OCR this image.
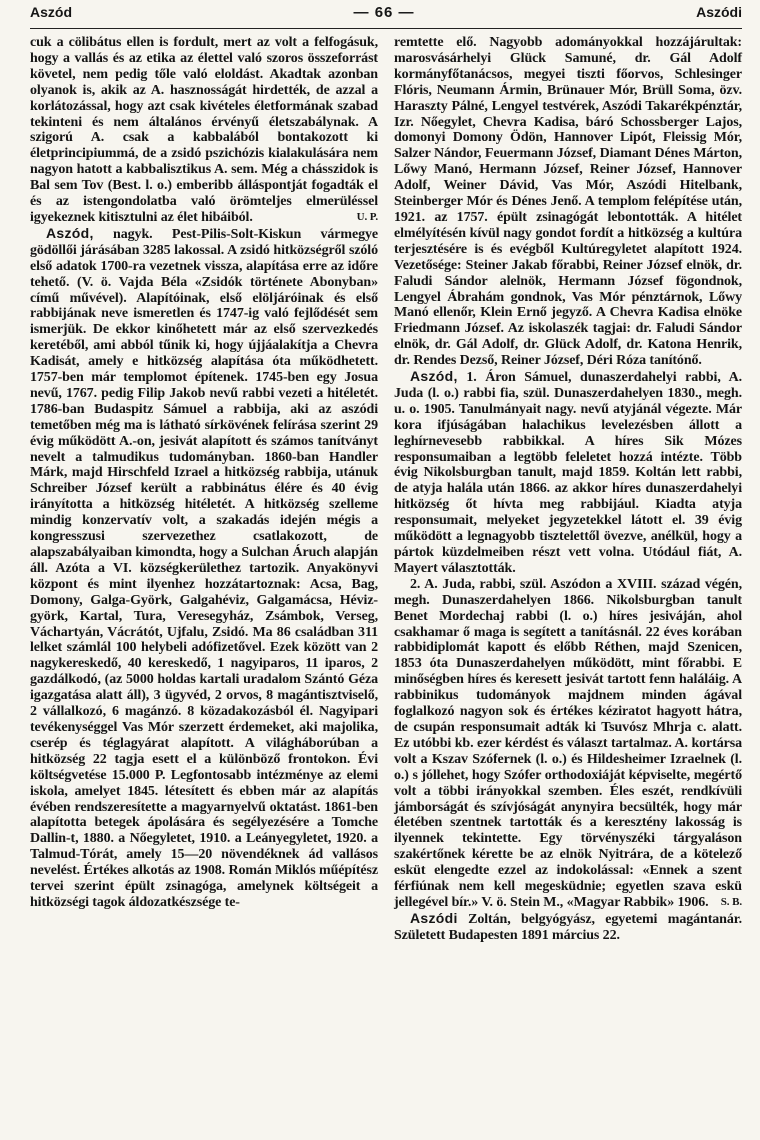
Aszód	— 66 —	Aszódi

cuk a cölibátus ellen is fordult, mert az volt a felfogásuk, hogy a vallás és az etika az élettel való szoros összeforrást követel, nem pedig tőle való eloldást. Akadtak azonban olyanok is, akik az A. hasznosságát hirdették, de azzal a korlátozással, hogy azt csak kivételes életformának szabad tekinteni és nem általános érvényű életszabálynak. A szigorú A. csak a kabbalából bontakozott ki életprincipiummá, de a zsidó pszichózis kialakulására nem nagyon hatott a kabbalisztikus A. sem. Még a chásszidok is Bal sem Tov (Best. l. o.) emberibb álláspontját fogadták el és az istengondolatba való örömteljes elmerüléssel igyekeznek kitisztulni az élet hibáiból.	U. P.

Aszód, nagyk. Pest-Pilis-Solt-Kiskun vármegye gödöllői járásában 3285 lakossal. A zsidó hitközségről szóló első adatok 1700-ra vezetnek vissza, alapítása erre az időre tehető. (V. ö. Vajda Béla «Zsidók története Abonyban» című művével). Alapítóinak, első elöljáróinak és első rabbijának neve ismeretlen és 1747-ig való fejlődését sem ismerjük. De ekkor kinőhetett már az első szervezkedés keretéből, ami abból tűnik ki, hogy újjáalakítja a Chevra Kadisát, amely e hitközség alapítása óta működhetett. 1757-ben már templomot építenek. 1745-ben egy Josua nevű, 1767. pedig Filip Jakob nevű rabbi vezeti a hitéletét. 1786-ban Budaspitz Sámuel a rabbija, aki az aszódi temetőben még ma is látható sírkövének felírása szerint 29 évig működött A.-on, jesivát alapított és számos tanítványt nevelt a talmudikus tudományban. 1860-ban Handler Márk, majd Hirschfeld Izrael a hitközség rabbija, utánuk Schreiber József került a rabbinátus élére és 40 évig irányította a hitközség hitéletét. A hitközség szelleme mindig konzervatív volt, a szakadás idején mégis a kongresszusi szervezethez csatlakozott, de alapszabályaiban kimondta, hogy a Sulchan Áruch alapján áll. Azóta a VI. községkerülethez tartozik. Anyakönyvi központ és mint ilyenhez hozzátartoznak: Acsa, Bag, Domony, Galga-Györk, Galgahéviz, Galgamácsa, Héviz-györk, Kartal, Tura, Veresegyház, Zsámbok, Verseg, Váchartyán, Vácrátót, Ujfalu, Zsidó. Ma 86 családban 311 lelket számlál 100 helybeli adófizetővel. Ezek között van 2 nagykereskedő, 40 kereskedő, 1 nagyiparos, 11 iparos, 2 gazdálkodó, (az 5000 holdas kartali uradalom Szántó Géza igazgatása alatt áll), 3 ügyvéd, 2 orvos, 8 magántisztviselő, 2 vállalkozó, 6 magánzó. 8 közadakozásból él. Nagyipari tevékenységgel Vas Mór szerzett érdemeket, aki majolika, cserép és téglagyárat alapított. A világháborúban a hitközség 22 tagja esett el a különböző frontokon. Évi költségvetése 15.000 P. Legfontosabb intézménye az elemi iskola, amelyet 1845. létesített és ebben már az alapítás évében rendszeresítette a magyarnyelvű oktatást. 1861-ben alapította betegek ápolására és segélyezésére a Tomche Dallin-t, 1880. a Nőegyletet, 1910. a Leányegyletet, 1920. a Talmud-Tórát, amely 15—20 növendéknek ád vallásos nevelést. Értékes alkotás az 1908. Román Miklós műépítész tervei szerint épült zsinagóga, amelynek költségeit a hitközségi tagok áldozatkészsége te-

remtette elő. Nagyobb adományokkal hozzájárultak: marosvásárhelyi Glück Samuné, dr. Gál Adolf kormányfőtanácsos, megyei tiszti főorvos, Schlesinger Flóris, Neumann Ármin, Brünauer Mór, Brüll Soma, özv. Haraszty Pálné, Lengyel testvérek, Aszódi Takarékpénztár, Izr. Nőegylet, Chevra Kadisa, báró Schossberger Lajos, domonyi Domony Ödön, Hannover Lipót, Fleissig Mór, Salzer Nándor, Feuermann József, Diamant Dénes Márton, Lőwy Manó, Hermann József, Reiner József, Hannover Adolf, Weiner Dávid, Vas Mór, Aszódi Hitelbank, Steinberger Mór és Dénes Jenő. A templom felépítése után, 1921. az 1757. épült zsinagógát lebontották. A hitélet elmélyítésén kívül nagy gondot fordít a hitközség a kultúra terjesztésére is és evégből Kultúregyletet alapított 1924. Vezetősége: Steiner Jakab főrabbi, Reiner József elnök, dr. Faludi Sándor alelnök, Hermann József fögondnok, Lengyel Ábrahám gondnok, Vas Mór pénztárnok, Lőwy Manó ellenőr, Klein Ernő jegyző. A Chevra Kadisa elnöke Friedmann József. Az iskolaszék tagjai: dr. Faludi Sándor elnök, dr. Gál Adolf, dr. Glück Adolf, dr. Katona Henrik, dr. Rendes Dezső, Reiner József, Déri Róza tanítónő.

Aszód, 1. Áron Sámuel, dunaszerdahelyi rabbi, A. Juda (l. o.) rabbi fia, szül. Dunaszerdahelyen 1830., megh. u. o. 1905. Tanulmányait nagy. nevű atyjánál végezte. Már kora ifjúságában halachikus levelezésben állott a leghírnevesebb rabbikkal. A híres Sik Mózes responsumaiban a legtöbb feleletet hozzá intézte. Több évig Nikolsburgban tanult, majd 1859. Koltán lett rabbi, de atyja halála után 1866. az akkor híres dunaszerdahelyi hitközség őt hívta meg rabbijául. Kiadta atyja responsumait, melyeket jegyzetekkel látott el. 39 évig működött a legnagyobb tisztelettől övezve, anélkül, hogy a pártok küzdelmeiben részt vett volna. Utódául fiát, A. Mayert választották.

2. A. Juda, rabbi, szül. Aszódon a XVIII. század végén, megh. Dunaszerdahelyen 1866. Nikolsburgban tanult Benet Mordechaj rabbi (l. o.) híres jesiváján, ahol csakhamar ő maga is segített a tanításnál. 22 éves korában rabbidiplomát kapott és előbb Réthen, majd Szenicen, 1853 óta Dunaszerdahelyen működött, mint főrabbi. E minőségben híres és keresett jesivát tartott fenn haláláig. A rabbinikus tudományok majdnem minden ágával foglalkozó nagyon sok és értékes kéziratot hagyott hátra, de csupán responsumait adták ki Tsuvósz Mhrja c. alatt. Ez utóbbi kb. ezer kérdést és választ tartalmaz. A. kortársa volt a Kszav Szófernek (l. o.) és Hildesheimer Izraelnek (l. o.) s jóllehet, hogy Szófer orthodoxiáját képviselte, megértő volt a többi irányokkal szemben. Éles eszét, rendkívüli jámborságát és szívjóságát anynyira becsülték, hogy már életében szentnek tartották és a keresztény lakosság is ilyennek tekintette. Egy törvényszéki tárgyaláson szakértőnek kérette be az elnök Nyitrára, de a kötelező esküt elengedte ezzel az indokolással: «Ennek a szent férfiúnak nem kell megesküdnie; egyetlen szava eskü jellegével bír.» V. ö. Stein M., «Magyar Rabbik» 1906. S. B.

Aszódi Zoltán, belgyógyász, egyetemi magántanár. Született Budapesten 1891 március 22.
